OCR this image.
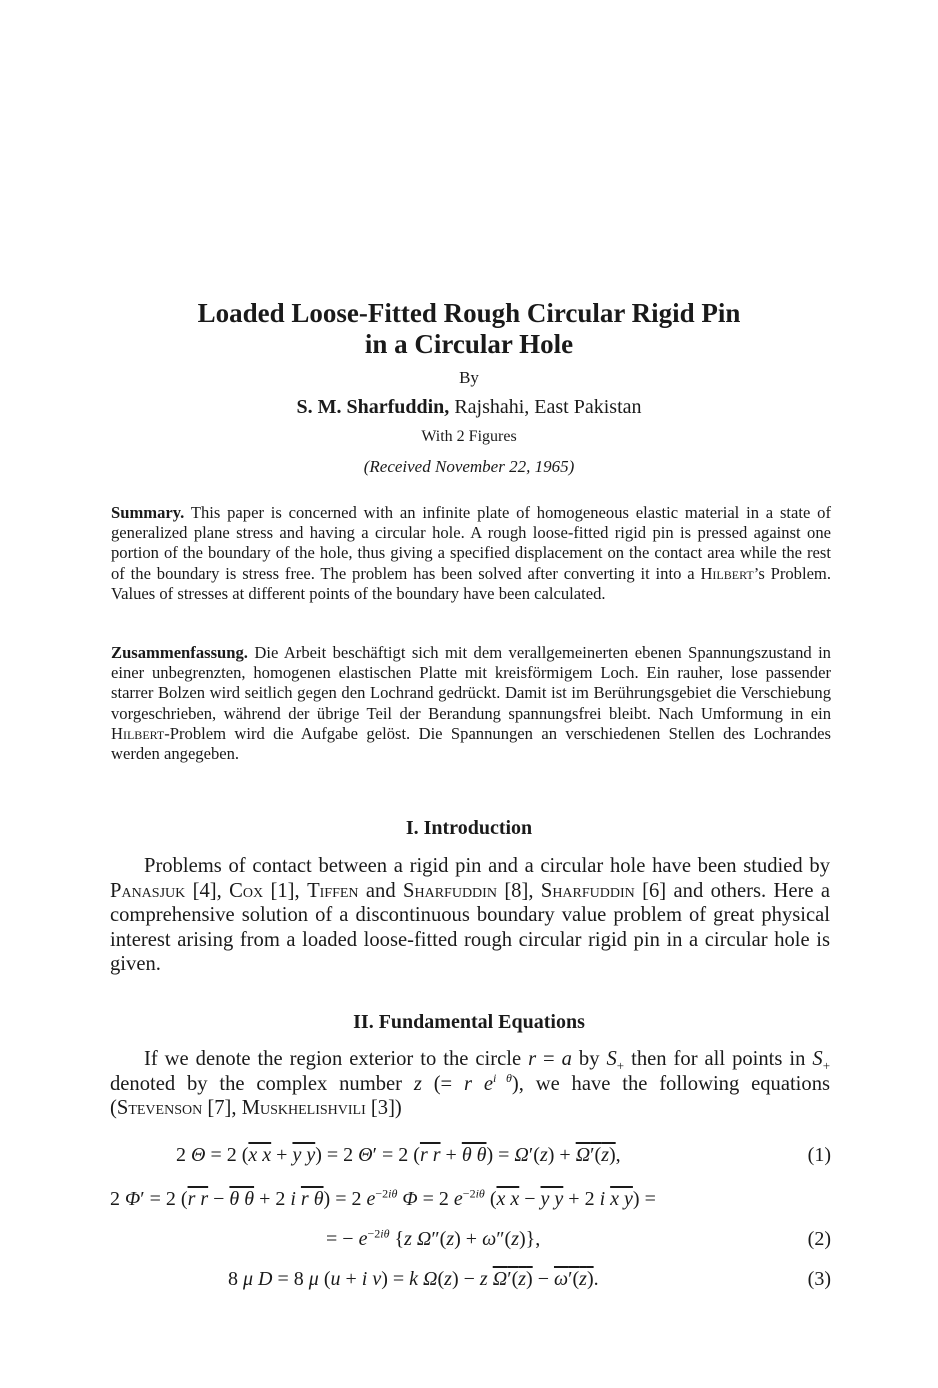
Loaded Loose-Fitted Rough Circular Rigid Pin
in a Circular Hole
By
S. M. Sharfuddin, Rajshahi, East Pakistan
With 2 Figures
(Received November 22, 1965)
Summary. This paper is concerned with an infinite plate of homogeneous elastic material in a state of generalized plane stress and having a circular hole. A rough loose-fitted rigid pin is pressed against one portion of the boundary of the hole, thus giving a specified displacement on the contact area while the rest of the boundary is stress free. The problem has been solved after converting it into a Hilbert’s Problem. Values of stresses at different points of the boundary have been calculated.
Zusammenfassung. Die Arbeit beschäftigt sich mit dem verallgemeinerten ebenen Spannungszustand in einer unbegrenzten, homogenen elastischen Platte mit kreisförmigem Loch. Ein rauher, lose passender starrer Bolzen wird seitlich gegen den Lochrand gedrückt. Damit ist im Berührungsgebiet die Verschiebung vorgeschrieben, während der übrige Teil der Berandung spannungsfrei bleibt. Nach Umformung in ein Hilbert-Problem wird die Aufgabe gelöst. Die Spannungen an verschiedenen Stellen des Lochrandes werden angegeben.
I. Introduction
Problems of contact between a rigid pin and a circular hole have been studied by Panasjuk [4], Cox [1], Tiffen and Sharfuddin [8], Sharfuddin [6] and others. Here a comprehensive solution of a discontinuous boundary value problem of great physical interest arising from a loaded loose-fitted rough circular rigid pin in a circular hole is given.
II. Fundamental Equations
If we denote the region exterior to the circle r = a by $S_+$ then for all points in $S_+$ denoted by the complex number z (= r $e^{i \theta}$), we have the following equations (Stevenson [7], Muskhelishvili [3])
2 Θ = 2 (x x + y y) = 2 Θ′ = 2 (r r + θ θ) = Ω′(z) + Ω′(z),	(1)
2 Φ′ = 2 (r r − θ θ + 2 i r θ) = 2 $e^{-2i\theta}$ Φ = 2 $e^{-2i\theta}$ (x x − y y + 2 i x y) =
= − $e^{-2i\theta}$ {z Ω″(z) + ω″(z)},	(2)
8 μ D = 8 μ (u + i v) = k Ω(z) − z Ω′(z) − ω′(z).	(3)
